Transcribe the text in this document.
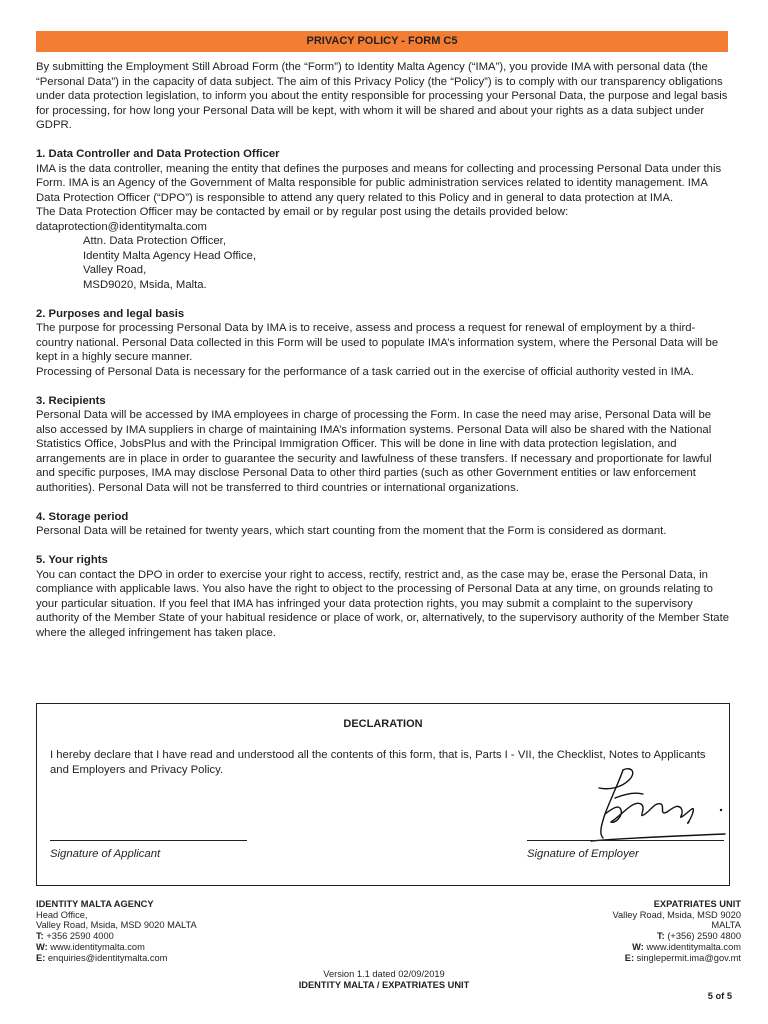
PRIVACY POLICY - FORM C5

By submitting the Employment Still Abroad Form (the “Form”) to Identity Malta Agency (“IMA”), you provide IMA with personal data (the “Personal Data”) in the capacity of data subject. The aim of this Privacy Policy (the “Policy”) is to comply with our transparency obligations under data protection legislation, to inform you about the entity responsible for processing your Personal Data, the purpose and legal basis for processing, for how long your Personal Data will be kept, with whom it will be shared and about your rights as a data subject under GDPR.

1. Data Controller and Data Protection Officer

IMA is the data controller, meaning the entity that defines the purposes and means for collecting and processing Personal Data under this Form. IMA is an Agency of the Government of Malta responsible for public administration services related to identity management. IMA Data Protection Officer (“DPO”) is responsible to attend any query related to this Policy and in general to data protection at IMA.

The Data Protection Officer may be contacted by email or by regular post using the details provided below:

dataprotection@identitymalta.com

Attn. Data Protection Officer,

Identity Malta Agency Head Office,

Valley Road,

MSD9020, Msida, Malta.

2. Purposes and legal basis

The purpose for processing Personal Data by IMA is to receive, assess and process a request for renewal of employment by a third-country national. Personal Data collected in this Form will be used to populate IMA’s information system, where the Personal Data will be kept in a highly secure manner.

Processing of Personal Data is necessary for the performance of a task carried out in the exercise of official authority vested in IMA.

3. Recipients

Personal Data will be accessed by IMA employees in charge of processing the Form. In case the need may arise, Personal Data will be also accessed by IMA suppliers in charge of maintaining IMA’s information systems. Personal Data will also be shared with the National Statistics Office, JobsPlus and with the Principal Immigration Officer. This will be done in line with data protection legislation, and arrangements are in place in order to guarantee the security and lawfulness of these transfers. If necessary and proportionate for lawful and specific purposes, IMA may disclose Personal Data to other third parties (such as other Government entities or law enforcement authorities). Personal Data will not be transferred to third countries or international organizations.

4. Storage period

Personal Data will be retained for twenty years, which start counting from the moment that the Form is considered as dormant.

5. Your rights

You can contact the DPO in order to exercise your right to access, rectify, restrict and, as the case may be, erase the Personal Data, in compliance with applicable laws. You also have the right to object to the processing of Personal Data at any time, on grounds relating to your particular situation. If you feel that IMA has infringed your data protection rights, you may submit a complaint to the supervisory authority of the Member State of your habitual residence or place of work, or, alternatively, to the supervisory authority of the Member State where the alleged infringement has taken place.

DECLARATION
I hereby declare that I have read and understood all the contents of this form, that is, Parts I - VII, the Checklist, Notes to Applicants and Employers and Privacy Policy.
Signature of Applicant	Signature of Employer
IDENTITY MALTA AGENCY
Head Office,
Valley Road, Msida, MSD 9020 MALTA
T: +356 2590 4000
W: www.identitymalta.com
E: enquiries@identitymalta.com
EXPATRIATES UNIT
Valley Road, Msida, MSD 9020
MALTA
T: (+356) 2590 4800
W: www.identitymalta.com
E: singlepermit.ima@gov.mt
Version 1.1 dated 02/09/2019
IDENTITY MALTA / EXPATRIATES UNIT
5 of 5
